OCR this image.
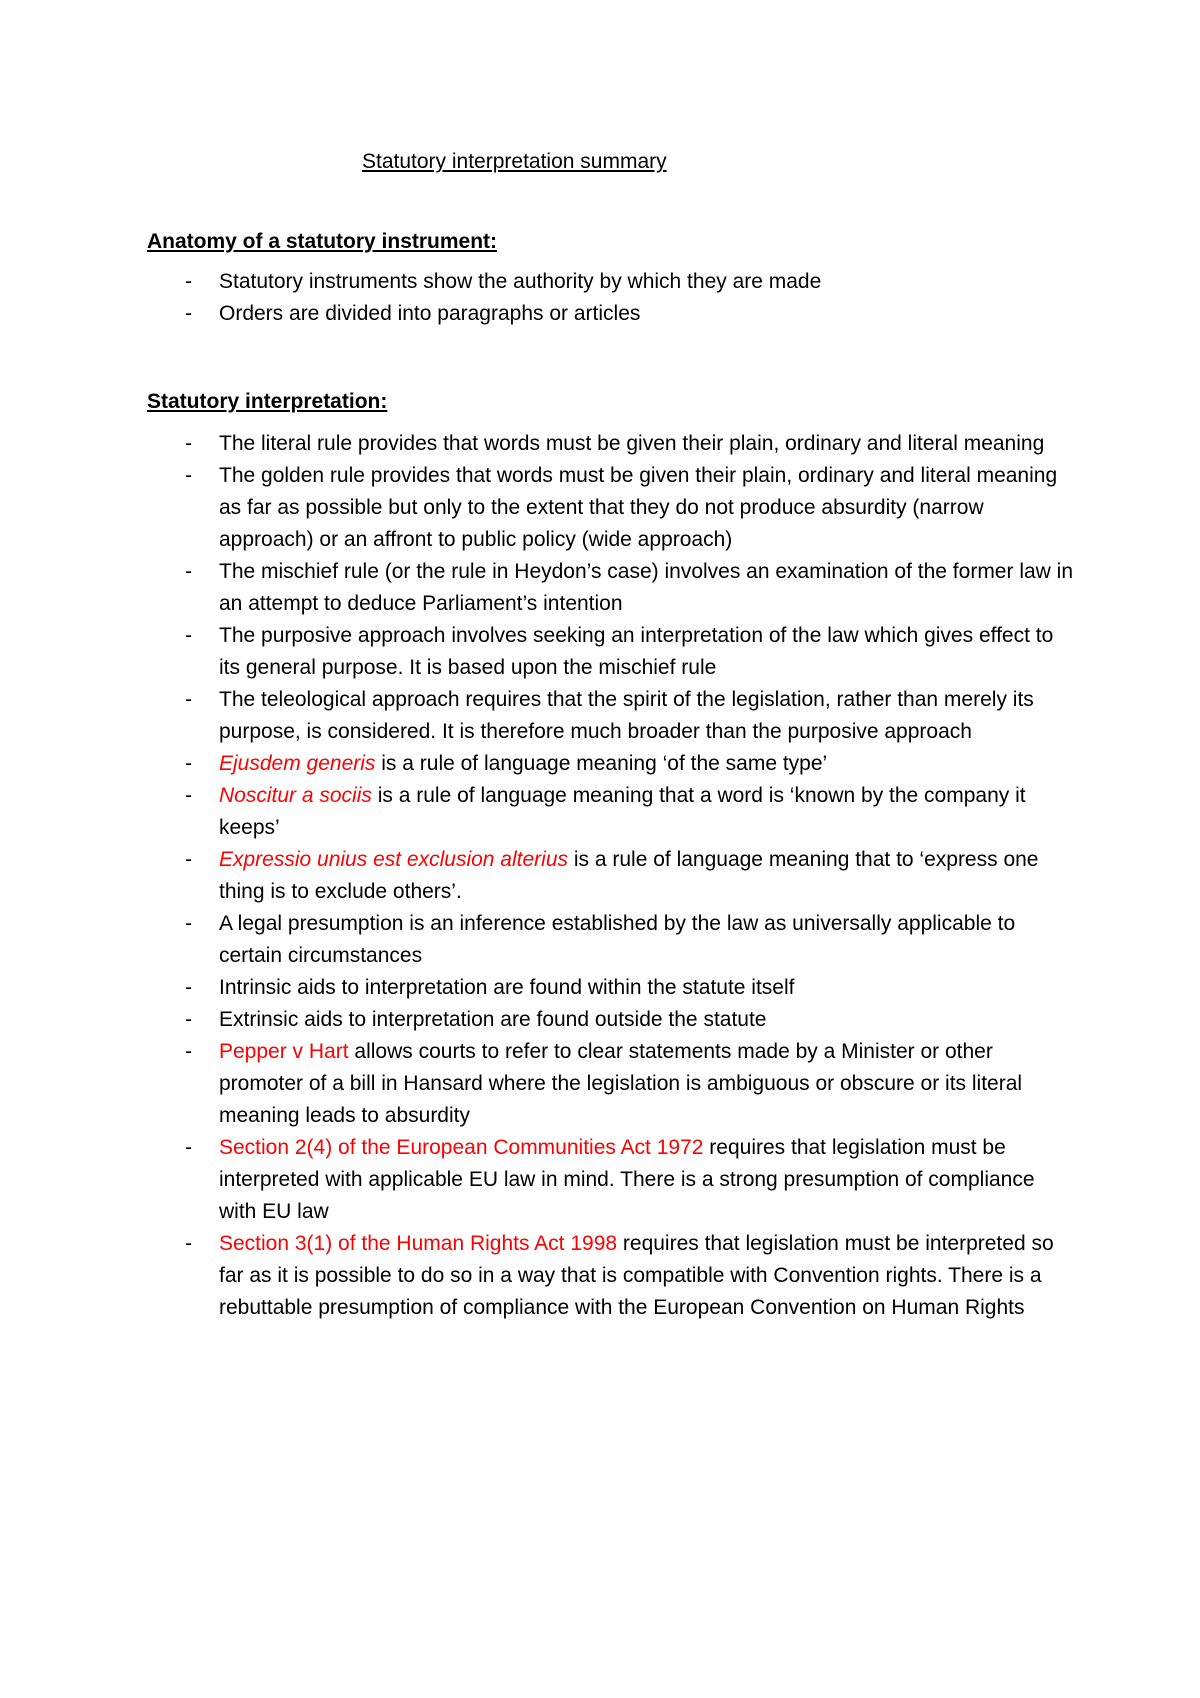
Statutory interpretation summary
Anatomy of a statutory instrument:
- Statutory instruments show the authority by which they are made
- Orders are divided into paragraphs or articles
Statutory interpretation:
- The literal rule provides that words must be given their plain, ordinary and literal meaning
- The golden rule provides that words must be given their plain, ordinary and literal meaning as far as possible but only to the extent that they do not produce absurdity (narrow approach) or an affront to public policy (wide approach)
- The mischief rule (or the rule in Heydon’s case) involves an examination of the former law in an attempt to deduce Parliament’s intention
- The purposive approach involves seeking an interpretation of the law which gives effect to its general purpose. It is based upon the mischief rule
- The teleological approach requires that the spirit of the legislation, rather than merely its purpose, is considered. It is therefore much broader than the purposive approach
- Ejusdem generis is a rule of language meaning ‘of the same type’
- Noscitur a sociis is a rule of language meaning that a word is ‘known by the company it keeps’
- Expressio unius est exclusion alterius is a rule of language meaning that to ‘express one thing is to exclude others’.
- A legal presumption is an inference established by the law as universally applicable to certain circumstances
- Intrinsic aids to interpretation are found within the statute itself
- Extrinsic aids to interpretation are found outside the statute
- Pepper v Hart allows courts to refer to clear statements made by a Minister or other promoter of a bill in Hansard where the legislation is ambiguous or obscure or its literal meaning leads to absurdity
- Section 2(4) of the European Communities Act 1972 requires that legislation must be interpreted with applicable EU law in mind. There is a strong presumption of compliance with EU law
- Section 3(1) of the Human Rights Act 1998 requires that legislation must be interpreted so far as it is possible to do so in a way that is compatible with Convention rights. There is a rebuttable presumption of compliance with the European Convention on Human Rights
